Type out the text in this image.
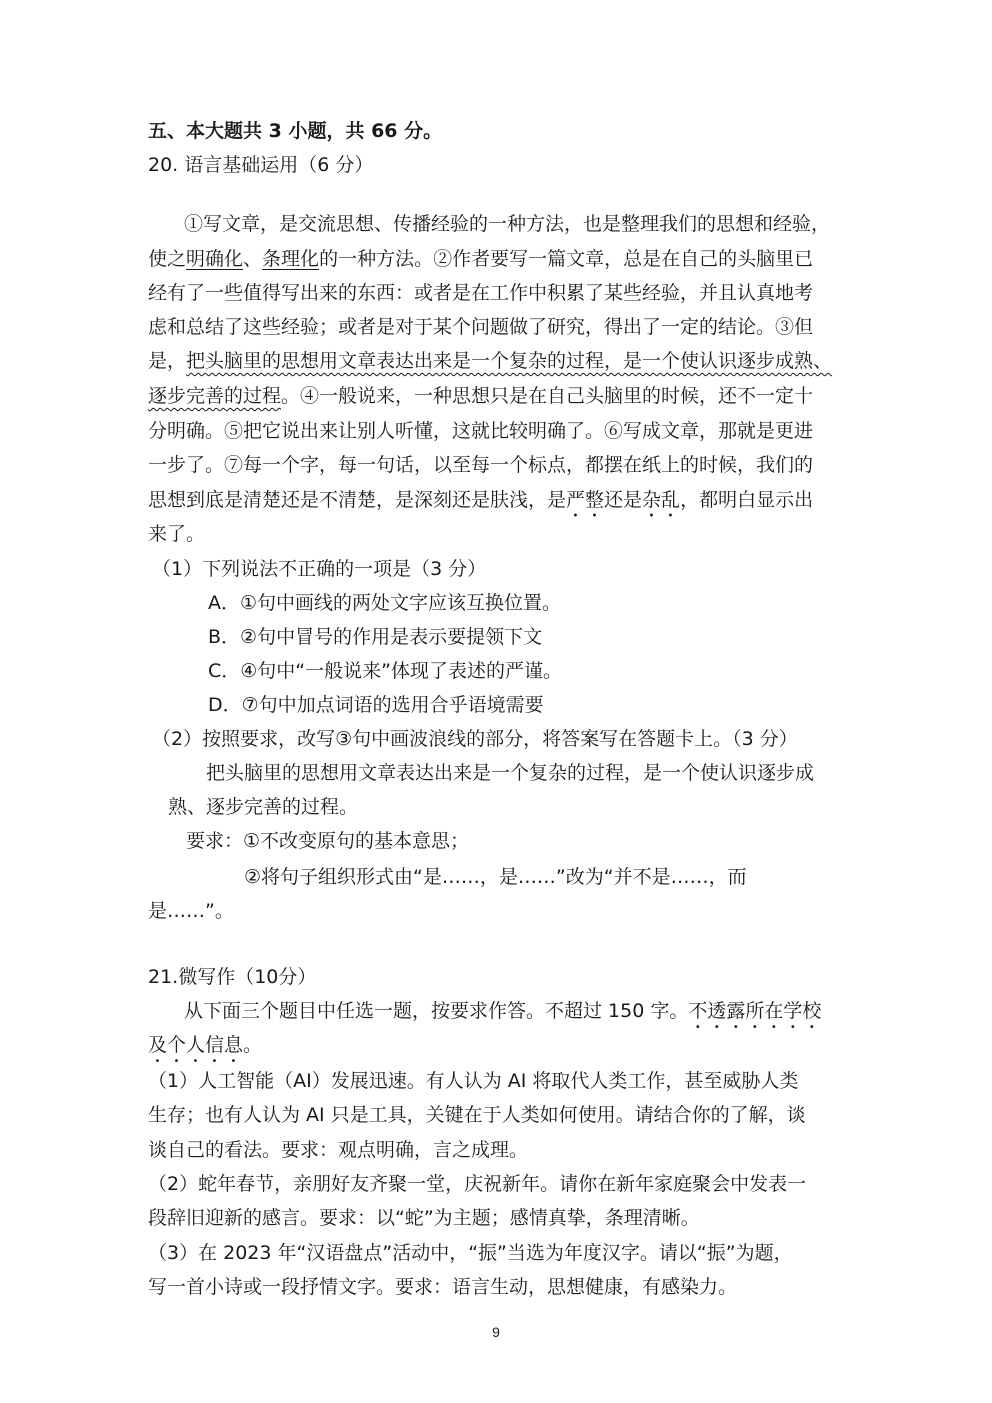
五、本大题共 3 小题，共 66 分。
20. 语言基础运用（6 分）
①写文章，是交流思想、传播经验的一种方法，也是整理我们的思想和经验，
使之明确化、条理化的一种方法。②作者要写一篇文章，总是在自己的头脑里已
经有了一些值得写出来的东西：或者是在工作中积累了某些经验，并且认真地考
虑和总结了这些经验；或者是对于某个问题做了研究，得出了一定的结论。③但
是，把头脑里的思想用文章表达出来是一个复杂的过程，是一个使认识逐步成熟、
逐步完善的过程。④一般说来，一种思想只是在自己头脑里的时候，还不一定十
分明确。⑤把它说出来让别人听懂，这就比较明确了。⑥写成文章，那就是更进
一步了。⑦每一个字，每一句话，以至每一个标点，都摆在纸上的时候，我们的
思想到底是清楚还是不清楚，是深刻还是肤浅，是严整还是杂乱，都明白显示出
来了。
（1）下列说法不正确的一项是（3 分）
A．①句中画线的两处文字应该互换位置。
B．②句中冒号的作用是表示要提领下文
C．④句中“一般说来”体现了表述的严谨。
D．⑦句中加点词语的选用合乎语境需要
（2）按照要求，改写③句中画波浪线的部分，将答案写在答题卡上。（3 分）
把头脑里的思想用文章表达出来是一个复杂的过程，是一个使认识逐步成
熟、逐步完善的过程。
要求：①不改变原句的基本意思；
②将句子组织形式由“是……，是……”改为“并不是……，而
是……”。
21.微写作（10分）
从下面三个题目中任选一题，按要求作答。不超过 150 字。不透露所在学校
及个人信息。
（1）人工智能（AI）发展迅速。有人认为 AI 将取代人类工作，甚至威胁人类
生存；也有人认为 AI 只是工具，关键在于人类如何使用。请结合你的了解，谈
谈自己的看法。要求：观点明确，言之成理。
（2）蛇年春节，亲朋好友齐聚一堂，庆祝新年。请你在新年家庭聚会中发表一
段辞旧迎新的感言。要求：以“蛇”为主题；感情真挚，条理清晰。
（3）在 2023 年“汉语盘点”活动中，“振”当选为年度汉字。请以“振”为题，
写一首小诗或一段抒情文字。要求：语言生动，思想健康，有感染力。
9
